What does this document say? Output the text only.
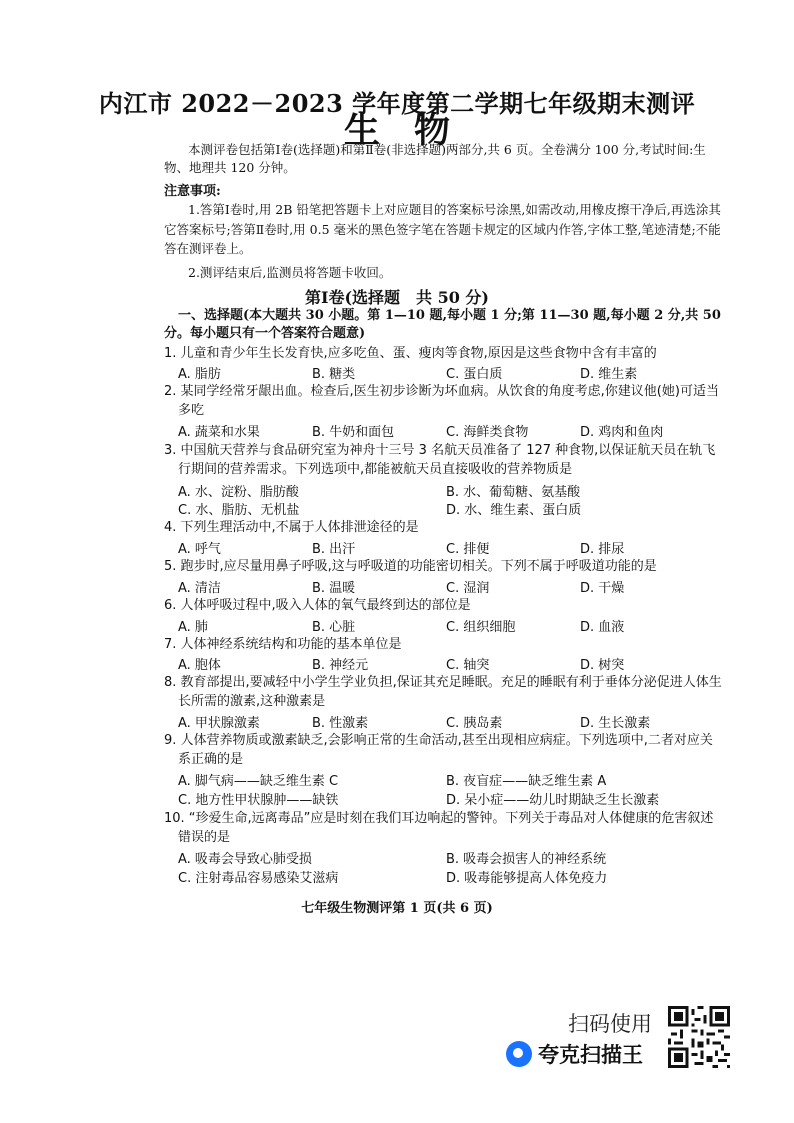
内江市 2022－2023 学年度第二学期七年级期末测评
生物
本测评卷包括第Ⅰ卷(选择题)和第Ⅱ卷(非选择题)两部分,共 6 页。全卷满分 100 分,考试时间:生物、地理共 120 分钟。
注意事项:
1.答第Ⅰ卷时,用 2B 铅笔把答题卡上对应题目的答案标号涂黑,如需改动,用橡皮擦干净后,再选涂其它答案标号;答第Ⅱ卷时,用 0.5 毫米的黑色签字笔在答题卡规定的区域内作答,字体工整,笔迹清楚;不能答在测评卷上。
2.测评结束后,监测员将答题卡收回。
第Ⅰ卷(选择题　共 50 分)
一、选择题(本大题共 30 小题。第 1—10 题,每小题 1 分;第 11—30 题,每小题 2 分,共 50 分。每小题只有一个答案符合题意)
1. 儿童和青少年生长发育快,应多吃鱼、蛋、瘦肉等食物,原因是这些食物中含有丰富的
A. 脂肪	B. 糖类	C. 蛋白质	D. 维生素
2. 某同学经常牙龈出血。检查后,医生初步诊断为坏血病。从饮食的角度考虑,你建议他(她)可适当多吃
A. 蔬菜和水果	B. 牛奶和面包	C. 海鲜类食物	D. 鸡肉和鱼肉
3. 中国航天营养与食品研究室为神舟十三号 3 名航天员准备了 127 种食物,以保证航天员在轨飞行期间的营养需求。下列选项中,都能被航天员直接吸收的营养物质是
A. 水、淀粉、脂肪酸	B. 水、葡萄糖、氨基酸
C. 水、脂肪、无机盐	D. 水、维生素、蛋白质
4. 下列生理活动中,不属于人体排泄途径的是
A. 呼气	B. 出汗	C. 排便	D. 排尿
5. 跑步时,应尽量用鼻子呼吸,这与呼吸道的功能密切相关。下列不属于呼吸道功能的是
A. 清洁	B. 温暖	C. 湿润	D. 干燥
6. 人体呼吸过程中,吸入人体的氧气最终到达的部位是
A. 肺	B. 心脏	C. 组织细胞	D. 血液
7. 人体神经系统结构和功能的基本单位是
A. 胞体	B. 神经元	C. 轴突	D. 树突
8. 教育部提出,要减轻中小学生学业负担,保证其充足睡眠。充足的睡眠有利于垂体分泌促进人体生长所需的激素,这种激素是
A. 甲状腺激素	B. 性激素	C. 胰岛素	D. 生长激素
9. 人体营养物质或激素缺乏,会影响正常的生命活动,甚至出现相应病症。下列选项中,二者对应关系正确的是
A. 脚气病——缺乏维生素 C	B. 夜盲症——缺乏维生素 A
C. 地方性甲状腺肿——缺铁	D. 呆小症——幼儿时期缺乏生长激素
10. “珍爱生命,远离毒品”应是时刻在我们耳边响起的警钟。下列关于毒品对人体健康的危害叙述错误的是
A. 吸毒会导致心肺受损	B. 吸毒会损害人的神经系统
C. 注射毒品容易感染艾滋病	D. 吸毒能够提高人体免疫力
七年级生物测评第 1 页(共 6 页)
扫码使用
夸克扫描王
